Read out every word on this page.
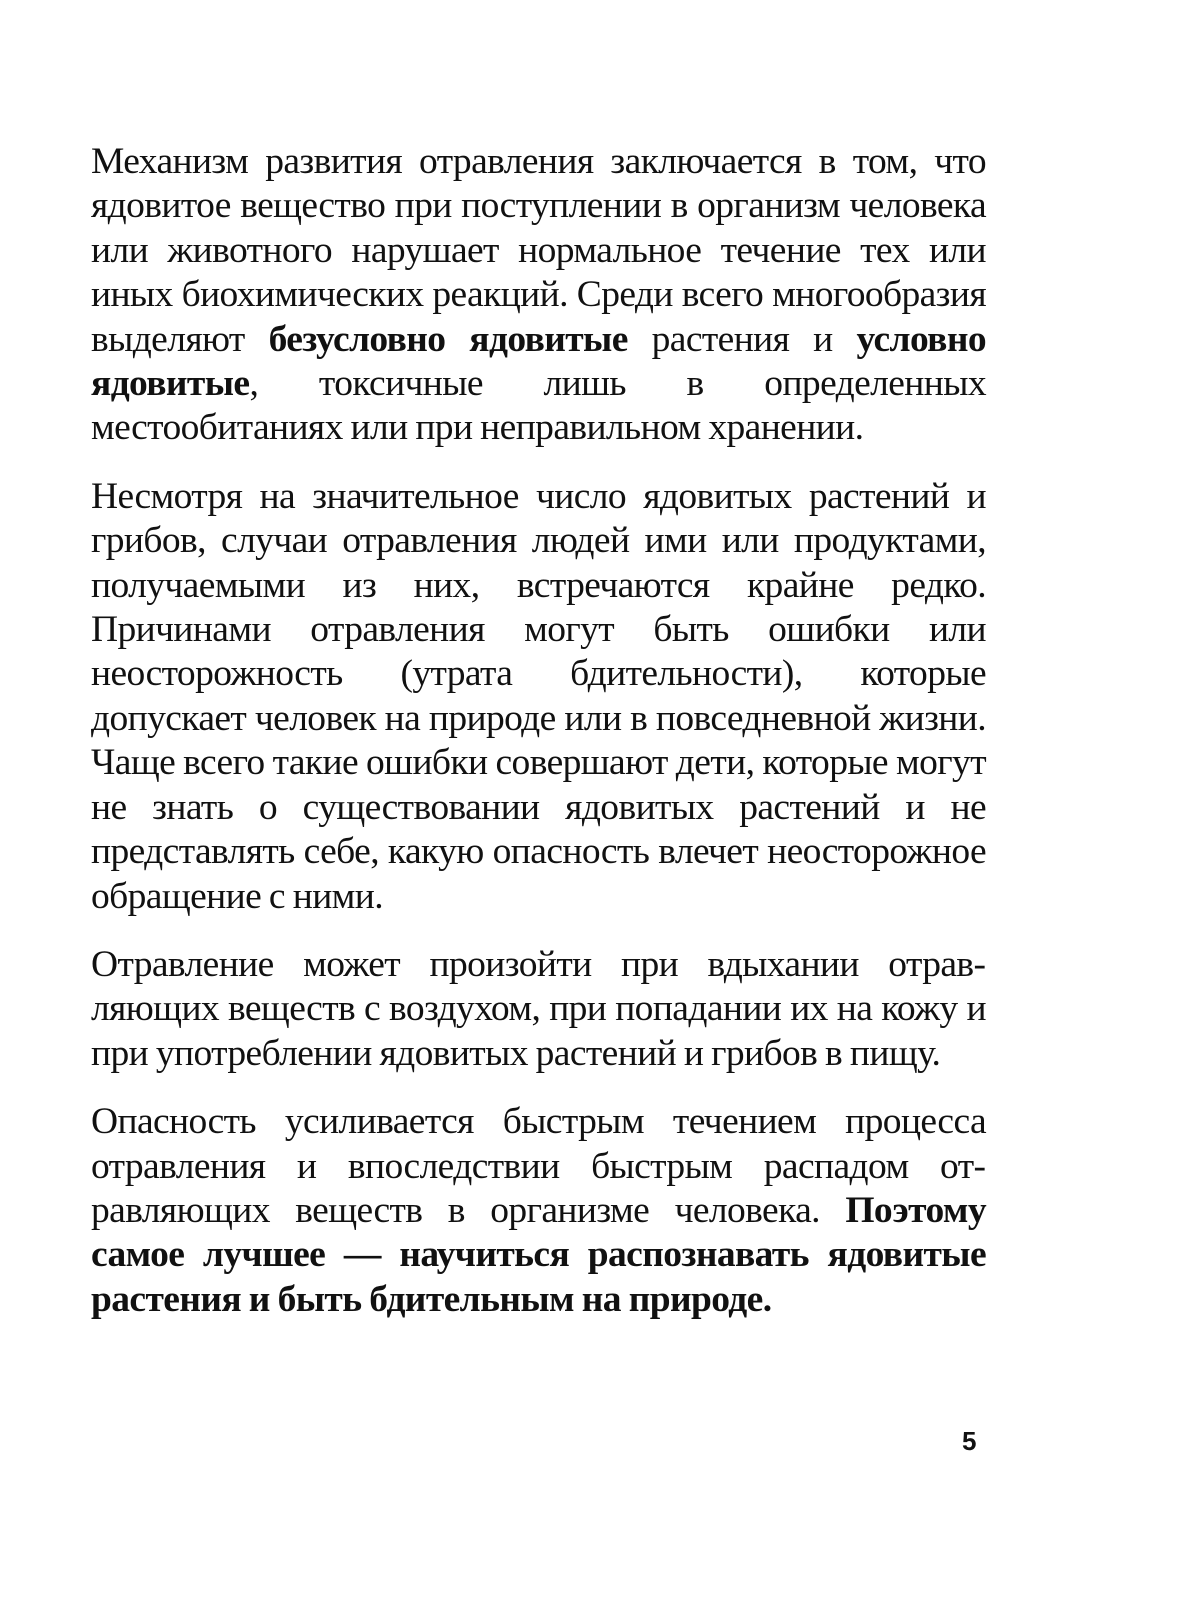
Механизм развития отравления заключается в том, что ядовитое вещество при поступлении в организм человека или животного нарушает нормальное течение тех или иных биохимических реакций. Среди всего многообразия выделяют безусловно ядовитые растения и условно ядовитые, токсичные лишь в определенных местообитаниях или при неправильном хранении.

Несмотря на значительное число ядовитых растений и грибов, случаи отравления людей ими или продуктами, получаемыми из них, встречаются крайне редко. Причинами отравления могут быть ошибки или неосторожность (утрата бдительности), которые допускает человек на природе или в повседневной жизни. Чаще всего такие ошибки совершают дети, которые могут не знать о существовании ядовитых растений и не представлять себе, какую опасность влечет неосторожное обращение с ними.

Отравление может произойти при вдыхании отравляющих веществ с воздухом, при попадании их на кожу и при употреблении ядовитых растений и грибов в пищу.

Опасность усиливается быстрым течением процесса отравления и впоследствии быстрым распадом отравляющих веществ в организме человека. Поэтому самое лучшее — научиться распознавать ядовитые растения и быть бдительным на природе.

5
